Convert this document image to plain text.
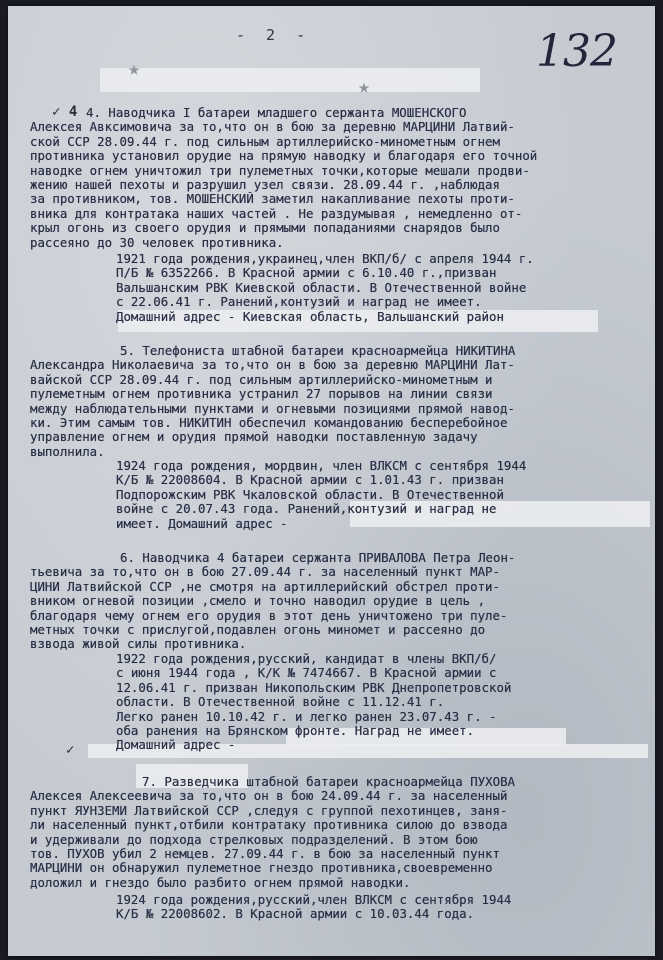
- 2 -	132
★
★
✓ 4
✓
4. Наводчика I батареи младшего сержанта МОШЕНСКОГО
Алексея Авксимовича за то,что он в бою за деревню МАРЦИНИ Латвий-
ской ССР 28.09.44 г. под сильным артиллерийско-минометным огнем
противника установил орудие на прямую наводку и благодаря его точной
наводке огнем уничтожил три пулеметных точки,которые мешали продви-
жению нашей пехоты и разрушил узел связи. 28.09.44 г. ,наблюдая
за противником, тов. МОШЕНСКИЙ заметил накапливание пехоты проти-
вника для контратака наших частей . Не раздумывая , немедленно от-
крыл огонь из своего орудия и прямыми попаданиями снарядов было
рассеяно до 30 человек противника.
1921 года рождения,украинец,член ВКП/б/ с апреля 1944 г.
П/Б № 6352266. В Красной армии с 6.10.40 г.,призван
Вальшанским РВК Киевской области. В Отечественной войне
с 22.06.41 г. Ранений,контузий и наград не имеет.
Домашний адрес - Киевская область, Вальшанский район
5. Телефониста штабной батареи красноармейца НИКИТИНА
Александра Николаевича за то,что он в бою за деревню МАРЦИНИ Лат-
вайской ССР 28.09.44 г. под сильным артиллерийско-минометным и
пулеметным огнем противника устранил 27 порывов на линии связи
между наблюдательными пунктами и огневыми позициями прямой навод-
ки. Этим самым тов. НИКИТИН обеспечил командованию бесперебойное
управление огнем и орудия прямой наводки поставленную задачу
выполнила.
1924 года рождения, мордвин, член ВЛКСМ с сентября 1944
К/Б № 22008604. В Красной армии с 1.01.43 г. призван
Подпорожским РВК Чкаловской области. В Отечественной
войне с 20.07.43 года. Ранений,контузий и наград не
имеет. Домашний адрес -
6. Наводчика 4 батареи сержанта ПРИВАЛОВА Петра Леон-
тьевича за то,что он в бою 27.09.44 г. за населенный пункт МАР-
ЦИНИ Латвийской ССР ,не смотря на артиллерийский обстрел проти-
вником огневой позиции ,смело и точно наводил орудие в цель ,
благодаря чему огнем его орудия в этот день уничтожено три пуле-
метных точки с прислугой,подавлен огонь миномет и рассеяно до
взвода живой силы противника.
1922 года рождения,русский, кандидат в члены ВКП/б/
с июня 1944 года , К/К № 7474667. В Красной армии с
12.06.41 г. призван Никопольским РВК Днепропетровской
области. В Отечественной войне с 11.12.41 г.
Легко ранен 10.10.42 г. и легко ранен 23.07.43 г. -
оба ранения на Брянском фронте. Наград не имеет.
Домашний адрес -
7. Разведчика штабной батареи красноармейца ПУХОВА
Алексея Алексеевича за то,что он в бою 24.09.44 г. за населенный
пункт ЯУНЗЕМИ Латвийской ССР ,следуя с группой пехотинцев, заня-
ли населенный пункт,отбили контратаку противника силою до взвода
и удерживали до подхода стрелковых подразделений. В этом бою
тов. ПУХОВ убил 2 немцев. 27.09.44 г. в бою за населенный пункт
МАРЦИНИ он обнаружил пулеметное гнездо противника,своевременно
доложил и гнездо было разбито огнем прямой наводки.
1924 года рождения,русский,член ВЛКСМ с сентября 1944
К/Б № 22008602. В Красной армии с 10.03.44 года.
